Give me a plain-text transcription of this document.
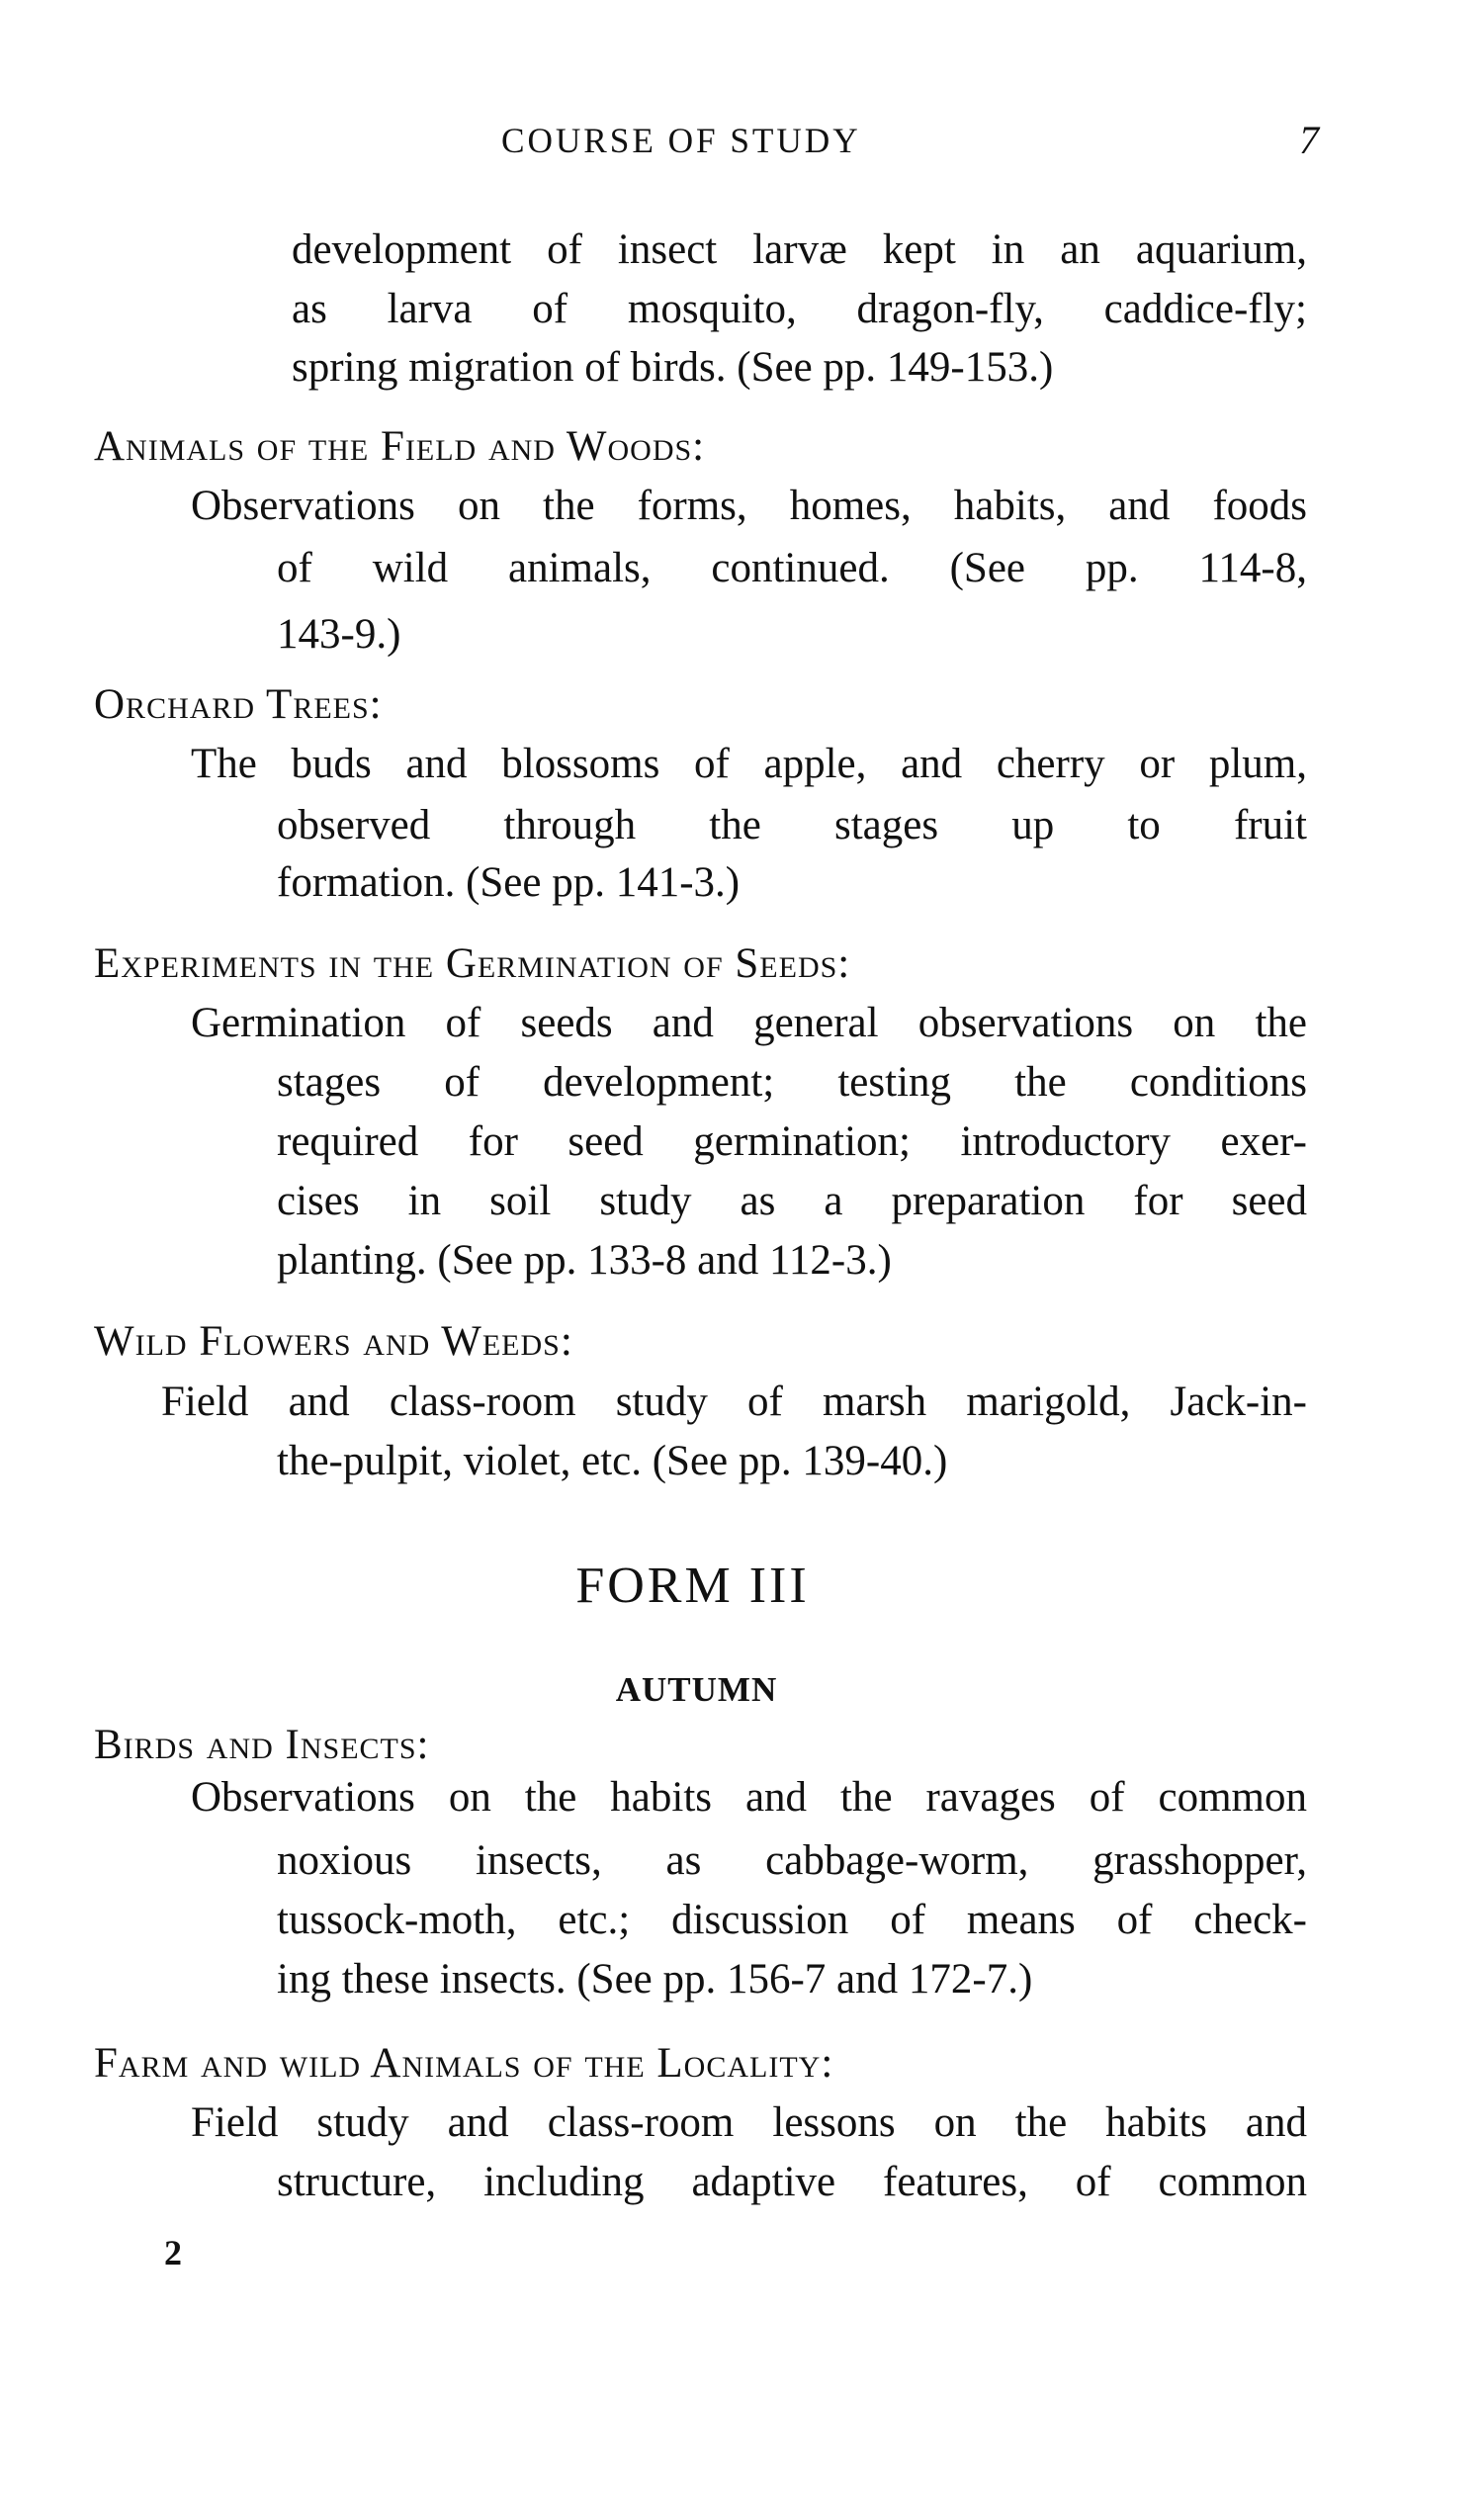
COURSE OF STUDY	7
development of insect larvæ kept in an aquarium,
as larva of mosquito, dragon-fly, caddice-fly;
spring migration of birds. (See pp. 149-153.)
Animals of the Field and Woods:
Observations on the forms, homes, habits, and foods
of wild animals, continued. (See pp. 114-8,
143-9.)
Orchard Trees:
The buds and blossoms of apple, and cherry or plum,
observed through the stages up to fruit
formation. (See pp. 141-3.)
Experiments in the Germination of Seeds:
Germination of seeds and general observations on the
stages of development; testing the conditions
required for seed germination; introductory exer-
cises in soil study as a preparation for seed
planting. (See pp. 133-8 and 112-3.)
Wild Flowers and Weeds:
Field and class-room study of marsh marigold, Jack-in-
the-pulpit, violet, etc. (See pp. 139-40.)
FORM III
AUTUMN
Birds and Insects:
Observations on the habits and the ravages of common
noxious insects, as cabbage-worm, grasshopper,
tussock-moth, etc.; discussion of means of check-
ing these insects. (See pp. 156-7 and 172-7.)
Farm and wild Animals of the Locality:
Field study and class-room lessons on the habits and
structure, including adaptive features, of common
2
